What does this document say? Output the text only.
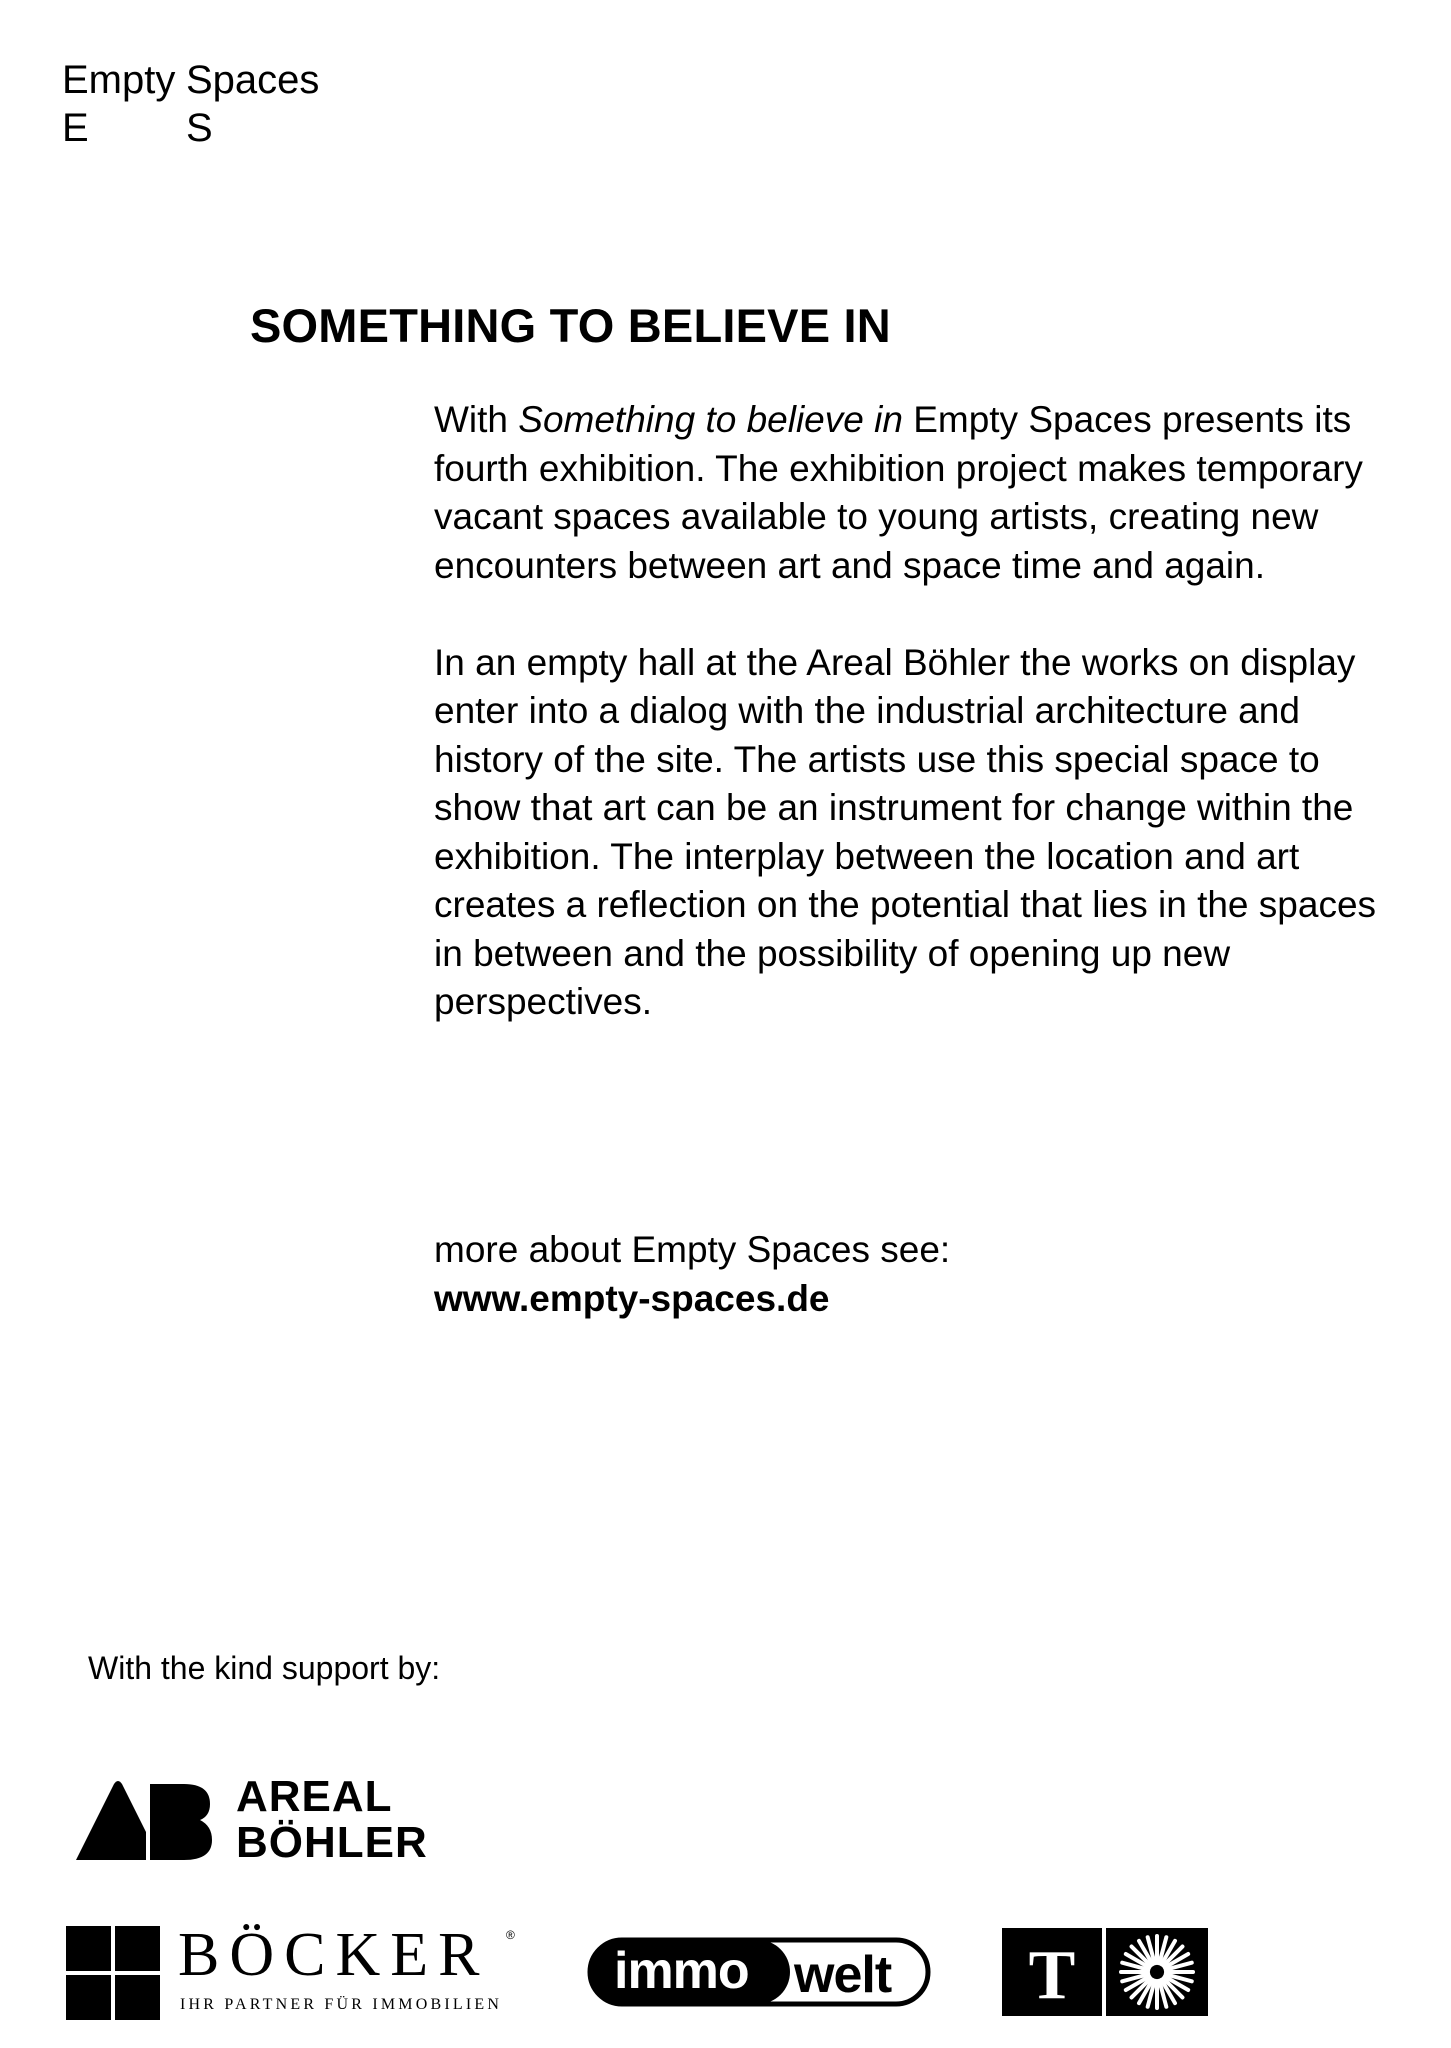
Empty Spaces
E S
SOMETHING TO BELIEVE IN

With Something to believe in Empty Spaces presents its fourth exhibition. The exhibition project makes temporary vacant spaces available to young artists, creating new encounters between art and space time and again.

In an empty hall at the Areal Böhler the works on display enter into a dialog with the industrial architecture and history of the site. The artists use this special space to show that art can be an instrument for change within the exhibition. The interplay between the location and art creates a reflection on the potential that lies in the spaces in between and the possibility of opening up new perspectives.

more about Empty Spaces see:
www.empty-spaces.de
With the kind support by:
AREAL
BÖHLER
BÖCKER ®
IHR PARTNER FÜR IMMOBILIEN
immo welt T
